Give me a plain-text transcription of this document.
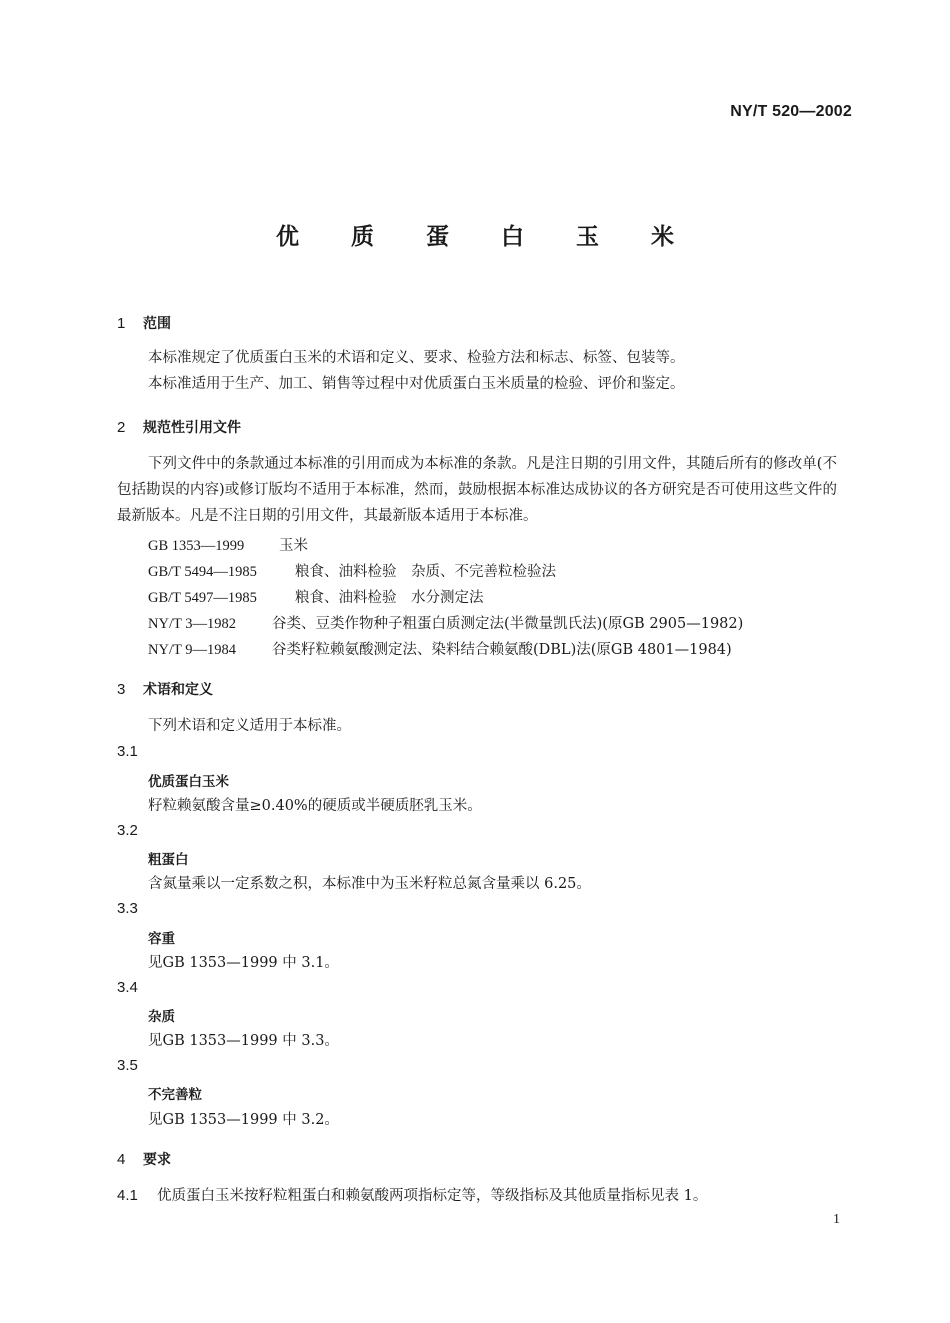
NY/T 520—2002
优 质 蛋 白 玉 米
1 范围
本标准规定了优质蛋白玉米的术语和定义、要求、检验方法和标志、标签、包装等。
本标准适用于生产、加工、销售等过程中对优质蛋白玉米质量的检验、评价和鉴定。
2 规范性引用文件
下列文件中的条款通过本标准的引用而成为本标准的条款。凡是注日期的引用文件，其随后所有的修改单(不包括勘误的内容)或修订版均不适用于本标准，然而，鼓励根据本标准达成协议的各方研究是否可使用这些文件的最新版本。凡是不注日期的引用文件，其最新版本适用于本标准。
GB 1353—1999 玉米
GB/T 5494—1985	粮食、油料检验　杂质、不完善粒检验法
GB/T 5497—1985	粮食、油料检验　水分测定法
NY/T 3—1982 谷类、豆类作物种子粗蛋白质测定法(半微量凯氏法)(原GB 2905—1982)
NY/T 9—1984 谷类籽粒赖氨酸测定法、染料结合赖氨酸(DBL)法(原GB 4801—1984)
3 术语和定义
下列术语和定义适用于本标准。
3.1
优质蛋白玉米
籽粒赖氨酸含量≥0.40%的硬质或半硬质胚乳玉米。
3.2
粗蛋白
含氮量乘以一定系数之积，本标准中为玉米籽粒总氮含量乘以 6.25。
3.3
容重
见GB 1353—1999 中 3.1。
3.4
杂质
见GB 1353—1999 中 3.3。
3.5
不完善粒
见GB 1353—1999 中 3.2。
4 要求
4.1 优质蛋白玉米按籽粒粗蛋白和赖氨酸两项指标定等，等级指标及其他质量指标见表 1。
1
